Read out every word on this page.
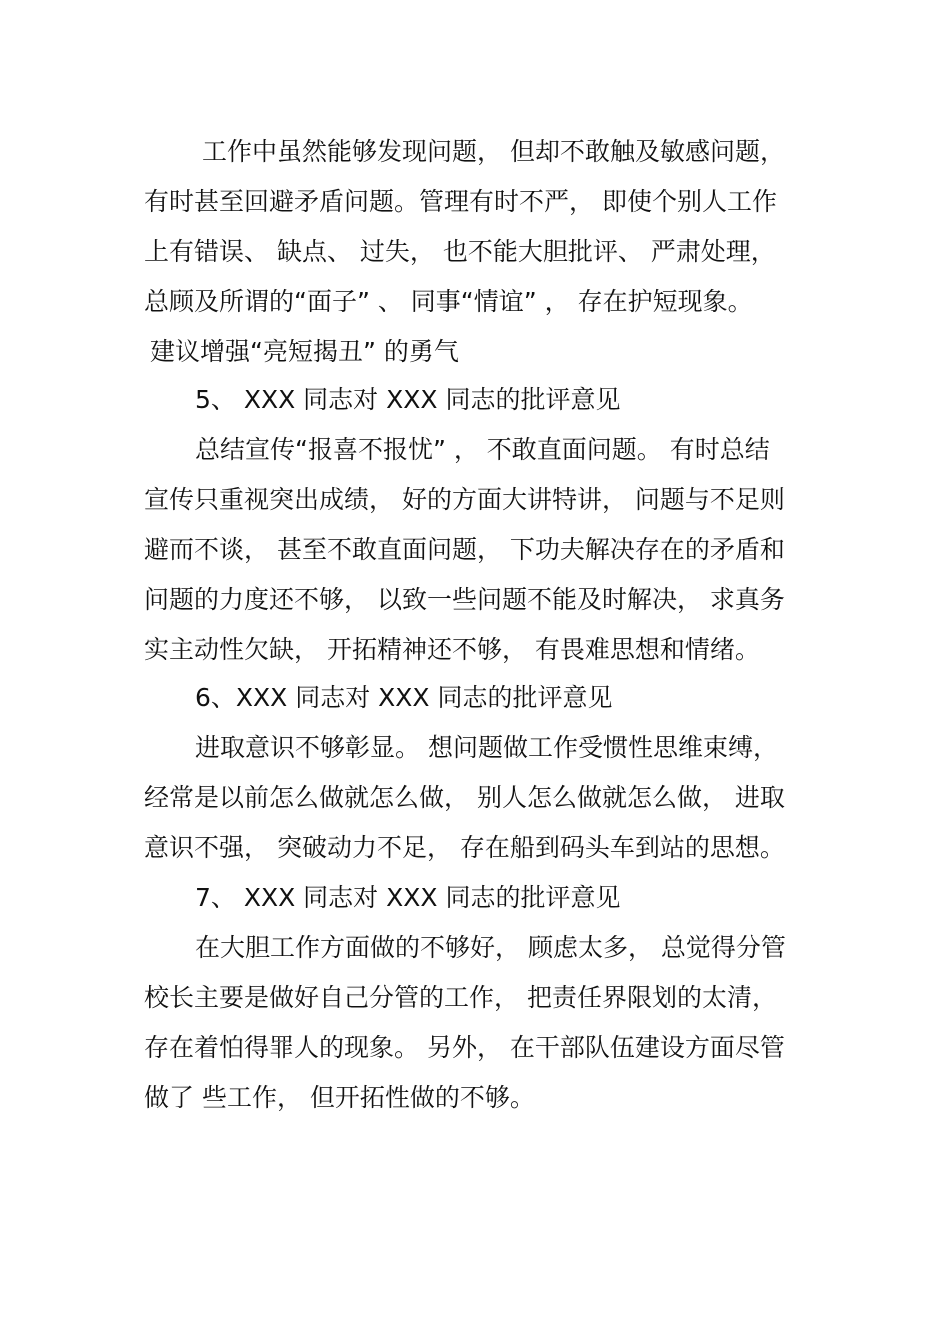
工作中虽然能够发现问题， 但却不敢触及敏感问题，
有时甚至回避矛盾问题。管理有时不严， 即使个别人工作
上有错误、 缺点、 过失， 也不能大胆批评、 严肃处理，
总顾及所谓的“面子” 、 同事“情谊” ， 存在护短现象。
建议增强“亮短揭丑” 的勇气
5、 XXX 同志对 XXX 同志的批评意见
总结宣传“报喜不报忧” ， 不敢直面问题。 有时总结
宣传只重视突出成绩， 好的方面大讲特讲， 问题与不足则
避而不谈， 甚至不敢直面问题， 下功夫解决存在的矛盾和
问题的力度还不够， 以致一些问题不能及时解决， 求真务
实主动性欠缺， 开拓精神还不够， 有畏难思想和情绪。
6、XXX 同志对 XXX 同志的批评意见
进取意识不够彰显。 想问题做工作受惯性思维束缚，
经常是以前怎么做就怎么做， 别人怎么做就怎么做， 进取
意识不强， 突破动力不足， 存在船到码头车到站的思想。
7、 XXX 同志对 XXX 同志的批评意见
在大胆工作方面做的不够好， 顾虑太多， 总觉得分管
校长主要是做好自己分管的工作， 把责任界限划的太清，
存在着怕得罪人的现象。 另外， 在干部队伍建设方面尽管
做了 些工作， 但开拓性做的不够。
